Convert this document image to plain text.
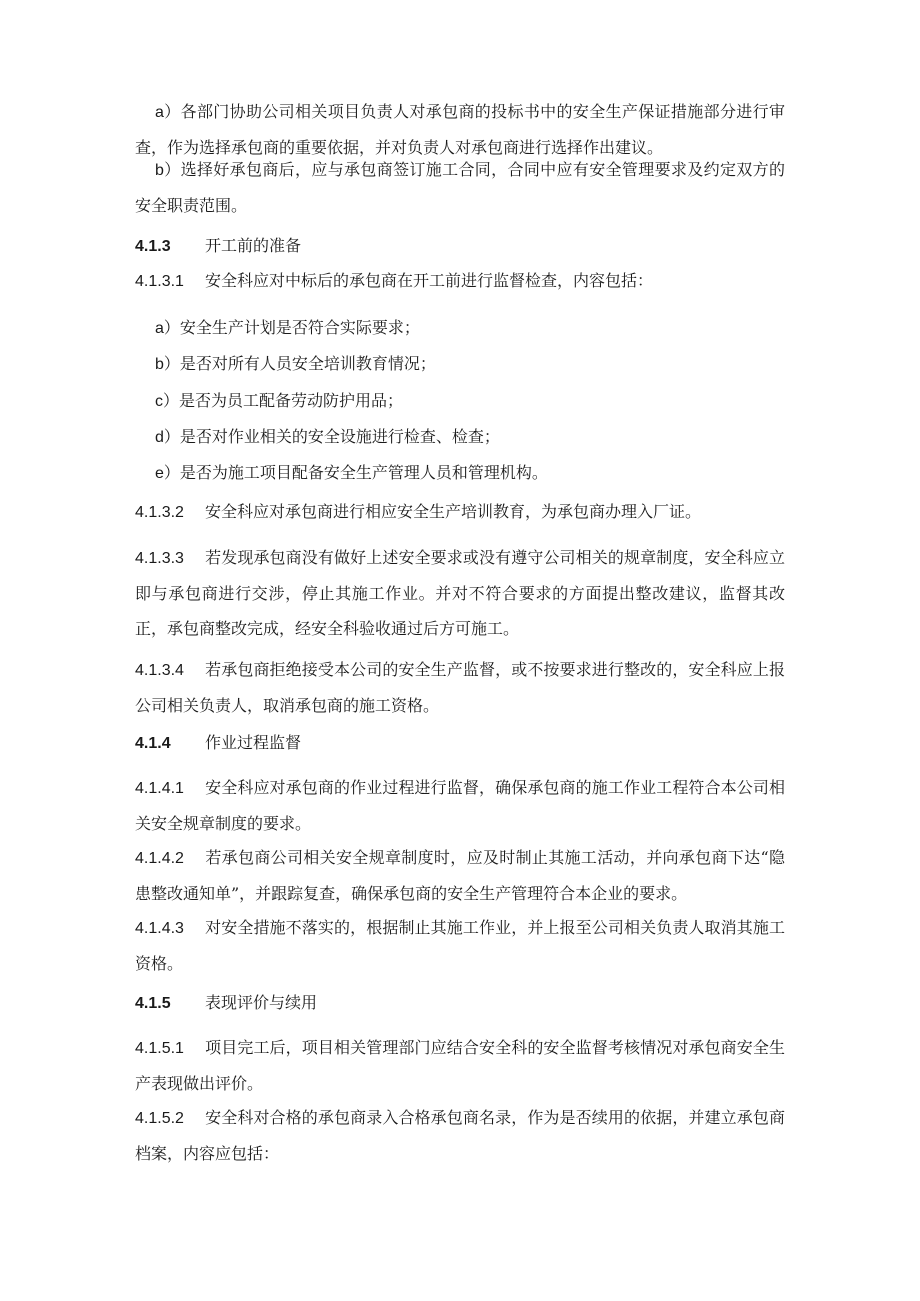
a）各部门协助公司相关项目负责人对承包商的投标书中的安全生产保证措施部分进行审查，作为选择承包商的重要依据，并对负责人对承包商进行选择作出建议。

b）选择好承包商后，应与承包商签订施工合同，合同中应有安全管理要求及约定双方的安全职责范围。

4.1.3 开工前的准备

4.1.3.1 安全科应对中标后的承包商在开工前进行监督检查，内容包括：

a）安全生产计划是否符合实际要求；

b）是否对所有人员安全培训教育情况；

c）是否为员工配备劳动防护用品；

d）是否对作业相关的安全设施进行检查、检查；

e）是否为施工项目配备安全生产管理人员和管理机构。

4.1.3.2 安全科应对承包商进行相应安全生产培训教育，为承包商办理入厂证。

4.1.3.3 若发现承包商没有做好上述安全要求或没有遵守公司相关的规章制度，安全科应立即与承包商进行交涉，停止其施工作业。并对不符合要求的方面提出整改建议，监督其改正，承包商整改完成，经安全科验收通过后方可施工。

4.1.3.4 若承包商拒绝接受本公司的安全生产监督，或不按要求进行整改的，安全科应上报公司相关负责人，取消承包商的施工资格。

4.1.4 作业过程监督

4.1.4.1 安全科应对承包商的作业过程进行监督，确保承包商的施工作业工程符合本公司相关安全规章制度的要求。

4.1.4.2 若承包商公司相关安全规章制度时，应及时制止其施工活动，并向承包商下达“隐患整改通知单”，并跟踪复查，确保承包商的安全生产管理符合本企业的要求。

4.1.4.3 对安全措施不落实的，根据制止其施工作业，并上报至公司相关负责人取消其施工资格。

4.1.5 表现评价与续用

4.1.5.1 项目完工后，项目相关管理部门应结合安全科的安全监督考核情况对承包商安全生产表现做出评价。

4.1.5.2 安全科对合格的承包商录入合格承包商名录，作为是否续用的依据，并建立承包商档案，内容应包括：
